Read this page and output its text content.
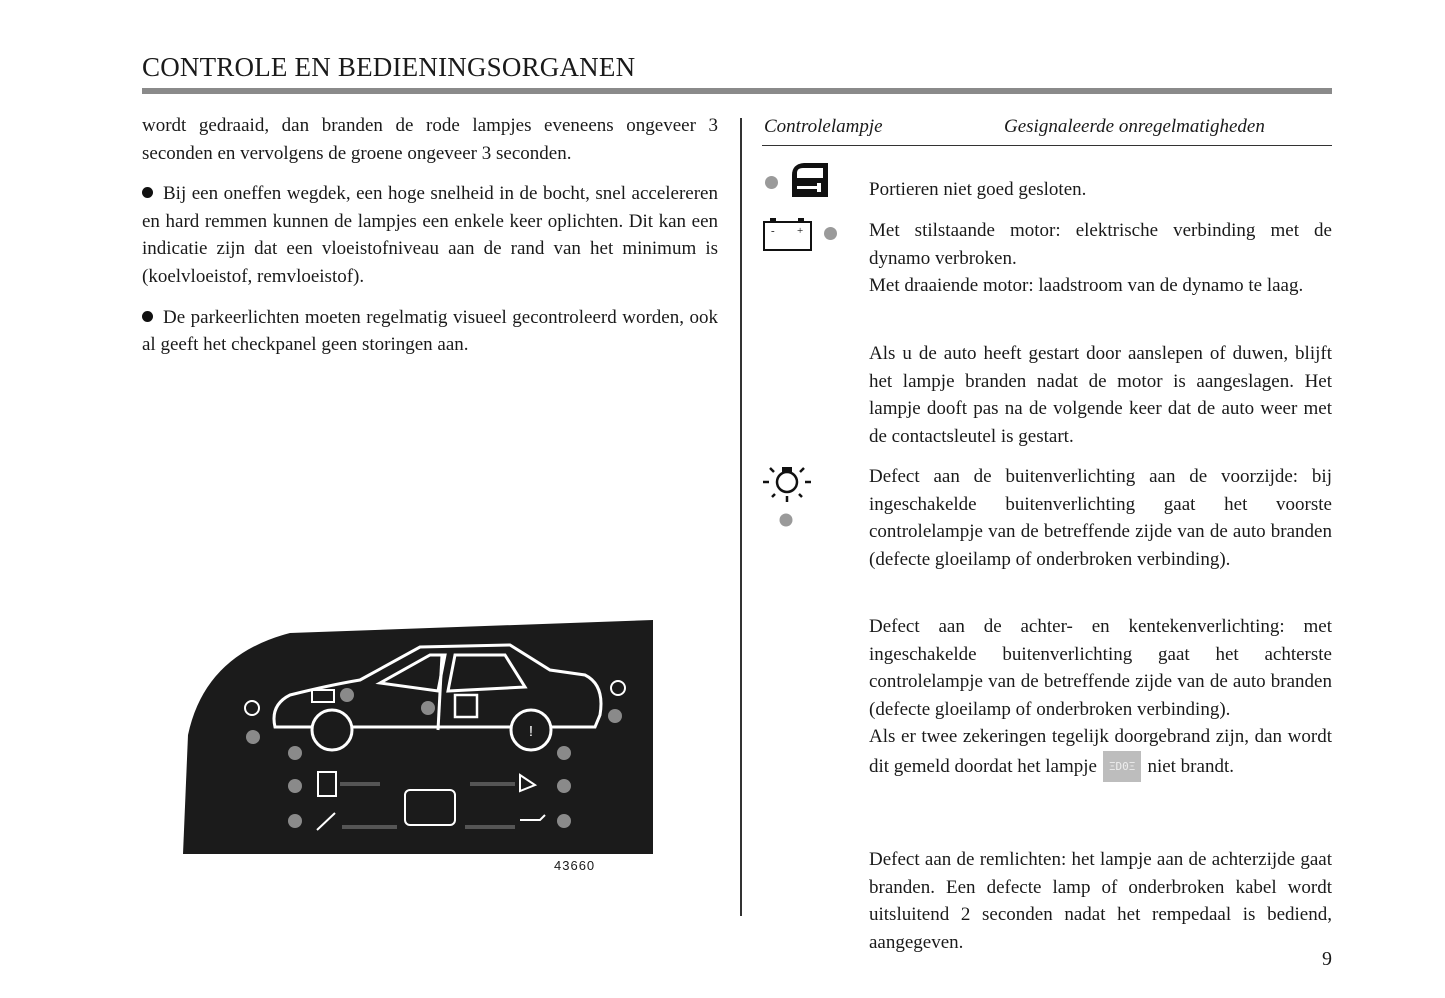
CONTROLE EN BEDIENINGSORGANEN

wordt gedraaid, dan branden de rode lampjes eveneens ongeveer 3 seconden en vervolgens de groene ongeveer 3 seconden.

Bij een oneffen wegdek, een hoge snelheid in de bocht, snel accelereren en hard remmen kunnen de lampjes een enkele keer oplichten. Dit kan een indicatie zijn dat een vloeistofniveau aan de rand van het minimum is (koelvloeistof, remvloeistof).

De parkeerlichten moeten regelmatig visueel gecontroleerd worden, ook al geeft het checkpanel geen storingen aan.

!
43660
Controlelampje	Gesignaleerde onregelmatigheden

Portieren niet goed gesloten.

- +	Met stilstaande motor: elektrische verbinding met de dynamo verbroken.
Met draaiende motor: laadstroom van de dynamo te laag.

Als u de auto heeft gestart door aanslepen of duwen, blijft het lampje branden nadat de motor is aangeslagen. Het lampje dooft pas na de volgende keer dat de auto weer met de contactsleutel is gestart.

Defect aan de buitenverlichting aan de voorzijde: bij ingeschakelde buitenverlichting gaat het voorste controlelampje van de betreffende zijde van de auto branden (defecte gloeilamp of onderbroken verbinding).

Defect aan de achter- en kentekenverlichting: met ingeschakelde buitenverlichting gaat het achterste controlelampje van de betreffende zijde van de auto branden (defecte gloeilamp of onderbroken verbinding).
Als er twee zekeringen tegelijk doorgebrand zijn, dan wordt dit gemeld doordat het lampje ΞD0Ξ niet brandt.

Defect aan de remlichten: het lampje aan de achterzijde gaat branden. Een defecte lamp of onderbroken kabel wordt uitsluitend 2 seconden nadat het rempedaal is bediend, aangegeven.

9
